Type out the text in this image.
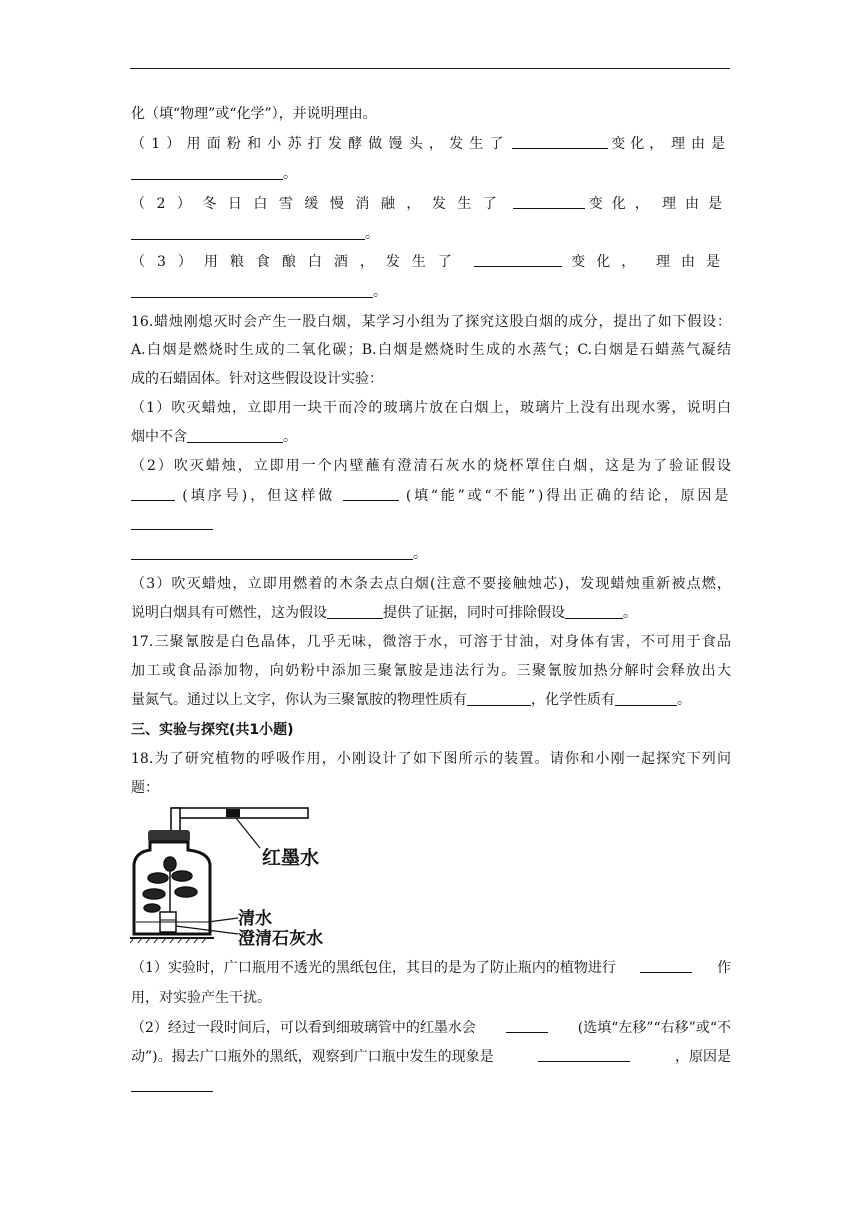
化（填“物理”或“化学”），并说明理由。
（1）用面粉和小苏打发酵做馒头，发生了	变化， 理由是
。
（2）冬日白雪缓慢消融，发生了	变化， 理由是
。
（3）用粮食酿白酒，发生了	变化， 理由是
。
16.蜡烛刚熄灭时会产生一股白烟，某学习小组为了探究这股白烟的成分，提出了如下假设：
A.白烟是燃烧时生成的二氧化碳；B.白烟是燃烧时生成的水蒸气；C.白烟是石蜡蒸气凝结
成的石蜡固体。针对这些假设设计实验：
（1）吹灭蜡烛，立即用一块干而冷的玻璃片放在白烟上，玻璃片上没有出现水雾，说明白
烟中不含	。
（2）吹灭蜡烛，立即用一个内壁蘸有澄清石灰水的烧杯罩住白烟，这是为了验证假设
(填序号)，但这样做	(填“能”或“不能”)得出正确的结论，原因是
。
（3）吹灭蜡烛，立即用燃着的木条去点白烟(注意不要接触烛芯)，发现蜡烛重新被点燃，
说明白烟具有可燃性，这为假设	提供了证据，同时可排除假设	。
17.三聚氰胺是白色晶体，几乎无味，微溶于水，可溶于甘油，对身体有害，不可用于食品
加工或食品添加物，向奶粉中添加三聚氰胺是违法行为。三聚氰胺加热分解时会释放出大
量氮气。通过以上文字，你认为三聚氰胺的物理性质有	，化学性质有	。
三、实验与探究(共1小题)
18.为了研究植物的呼吸作用，小刚设计了如下图所示的装置。请你和小刚一起探究下列问
题：
红墨水
清水
澄清石灰水
（1）实验时，广口瓶用不透光的黑纸包住，其目的是为了防止瓶内的植物进行	作
用，对实验产生干扰。
（2）经过一段时间后，可以看到细玻璃管中的红墨水会	(选填“左移”“右移”或“不
动”)。揭去广口瓶外的黑纸，观察到广口瓶中发生的现象是	，原因是
